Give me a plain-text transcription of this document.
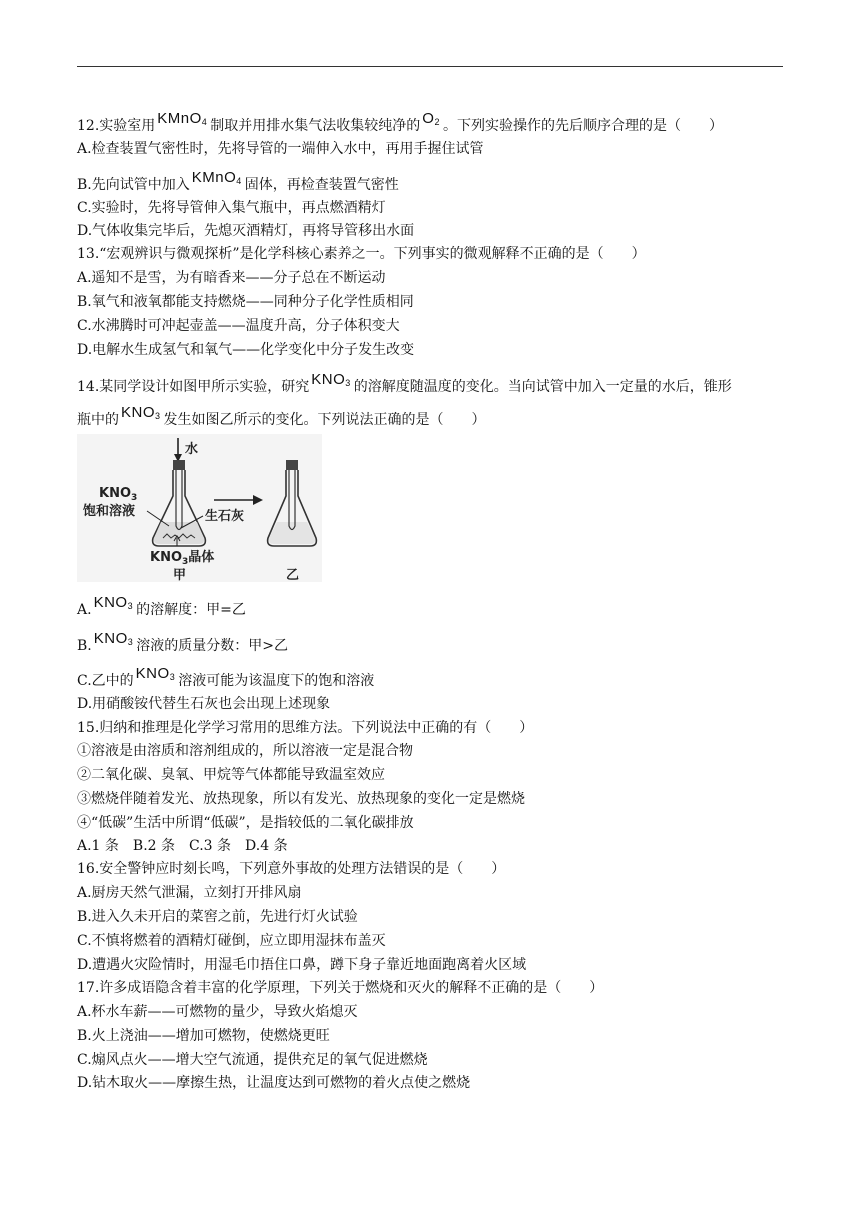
12.实验室用 KMnO$_4$ 制取并用排水集气法收集较纯净的 $O_2$ 。下列实验操作的先后顺序合理的是（　　）
A.检查装置气密性时，先将导管的一端伸入水中，再用手握住试管
B.先向试管中加入 KMnO$_4$ 固体，再检查装置气密性
C.实验时，先将导管伸入集气瓶中，再点燃酒精灯
D.气体收集完毕后，先熄灭酒精灯，再将导管移出水面
13.“宏观辨识与微观探析”是化学科核心素养之一。下列事实的微观解释不正确的是（　　）
A.遥知不是雪，为有暗香来——分子总在不断运动
B.氧气和液氧都能支持燃烧——同种分子化学性质相同
C.水沸腾时可冲起壶盖——温度升高，分子体积变大
D.电解水生成氢气和氧气——化学变化中分子发生改变
14.某同学设计如图甲所示实验，研究 $KNO_3$ 的溶解度随温度的变化。当向试管中加入一定量的水后，锥形
瓶中的 $KNO_3$ 发生如图乙所示的变化。下列说法正确的是（　　）
水
$KNO_3$
饱和溶液	生石灰
$KNO_3$晶体
甲	乙
A. $KNO_3$ 的溶解度：甲=乙
B. $KNO_3$ 溶液的质量分数：甲>乙
C.乙中的 $KNO_3$ 溶液可能为该温度下的饱和溶液
D.用硝酸铵代替生石灰也会出现上述现象
15.归纳和推理是化学学习常用的思维方法。下列说法中正确的有（　　）
①溶液是由溶质和溶剂组成的，所以溶液一定是混合物
②二氧化碳、臭氧、甲烷等气体都能导致温室效应
③燃烧伴随着发光、放热现象，所以有发光、放热现象的变化一定是燃烧
④“低碳”生活中所谓“低碳”，是指较低的二氧化碳排放
A.1 条　B.2 条　C.3 条　D.4 条
16.安全警钟应时刻长鸣，下列意外事故的处理方法错误的是（　　）
A.厨房天然气泄漏，立刻打开排风扇
B.进入久未开启的菜窖之前，先进行灯火试验
C.不慎将燃着的酒精灯碰倒，应立即用湿抹布盖灭
D.遭遇火灾险情时，用湿毛巾捂住口鼻，蹲下身子靠近地面跑离着火区域
17.许多成语隐含着丰富的化学原理，下列关于燃烧和灭火的解释不正确的是（　　）
A.杯水车薪——可燃物的量少，导致火焰熄灭
B.火上浇油——增加可燃物，使燃烧更旺
C.煽风点火——增大空气流通，提供充足的氧气促进燃烧
D.钻木取火——摩擦生热，让温度达到可燃物的着火点使之燃烧
